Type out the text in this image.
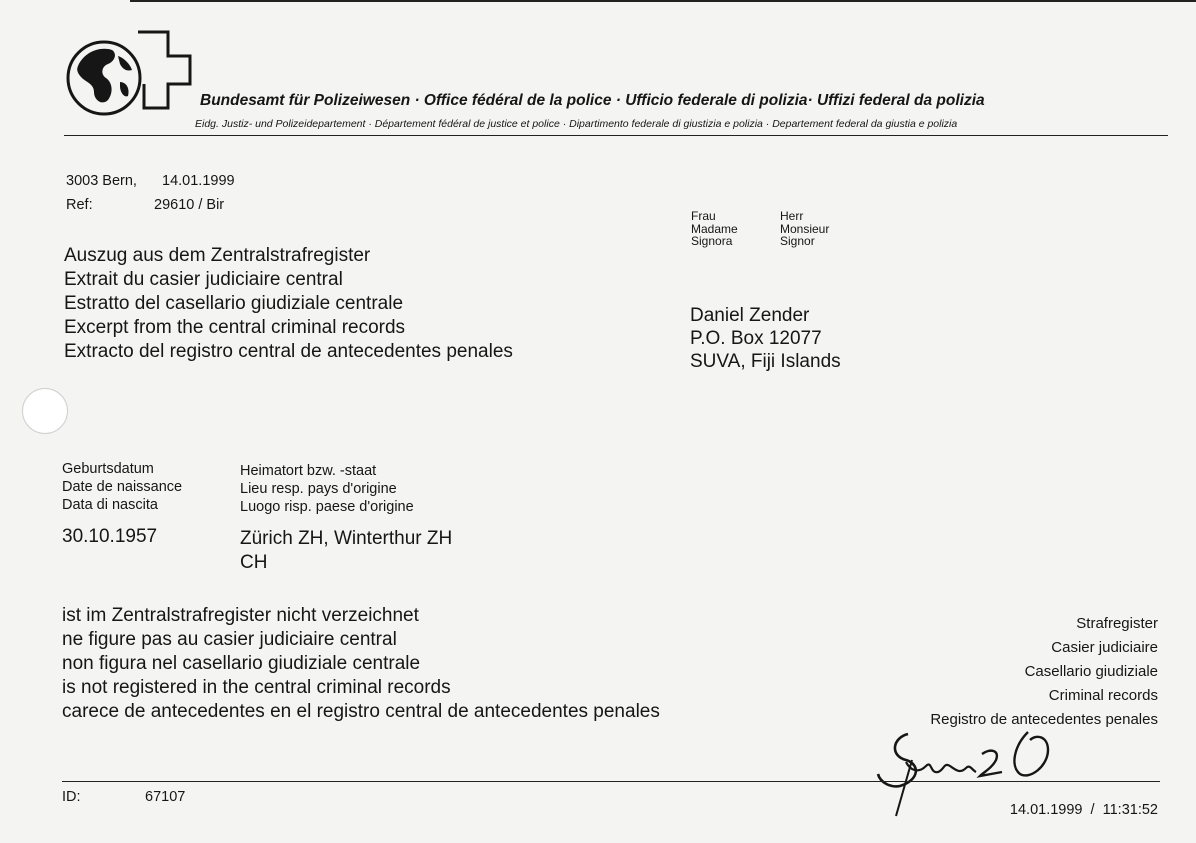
Bundesamt für Polizeiwesen · Office fédéral de la police · Ufficio federale di polizia· Uffizi federal da polizia
Eidg. Justiz- und Polizeidepartement · Département fédéral de justice et police · Dipartimento federale di giustizia e polizia · Departement federal da giustia e polizia
3003 Bern, 14.01.1999
Ref:	29610 / Bir
Auszug aus dem Zentralstrafregister
Extrait du casier judiciaire central
Estratto del casellario giudiziale centrale
Excerpt from the central criminal records
Extracto del registro central de antecedentes penales
Frau
Madame
Signora
Herr
Monsieur
Signor
Daniel Zender
P.O. Box 12077
SUVA, Fiji Islands
Geburtsdatum
Date de naissance
Data di nascita
30.10.1957
Heimatort bzw. -staat
Lieu resp. pays d'origine
Luogo risp. paese d'origine
Zürich ZH, Winterthur ZH
CH
ist im Zentralstrafregister nicht verzeichnet
ne figure pas au casier judiciaire central
non figura nel casellario giudiziale centrale
is not registered in the central criminal records
carece de antecedentes en el registro central de antecedentes penales
Strafregister
Casier judiciaire
Casellario giudiziale
Criminal records
Registro de antecedentes penales
ID:	67107
14.01.1999  /  11:31:52
